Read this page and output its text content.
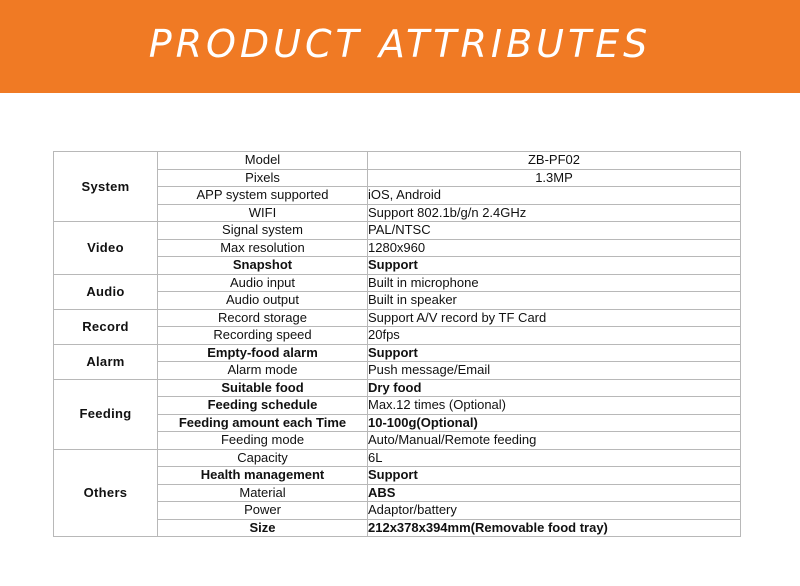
PRODUCT ATTRIBUTES
System	Model	ZB-PF02
	Pixels	1.3MP
	APP system supported	iOS, Android
	WIFI	Support 802.1b/g/n 2.4GHz
Video	Signal system	PAL/NTSC
	Max resolution	1280x960
	Snapshot	Support
Audio	Audio input	Built in microphone
	Audio output	Built in speaker
Record	Record storage	Support A/V record by TF Card
	Recording speed	20fps
Alarm	Empty-food alarm	Support
	Alarm mode	Push message/Email
Feeding	Suitable food	Dry food
	Feeding schedule	Max.12 times (Optional)
	Feeding amount each Time	10-100g(Optional)
	Feeding mode	Auto/Manual/Remote feeding
Others	Capacity	6L
	Health management	Support
	Material	ABS
	Power	Adaptor/battery
	Size	212x378x394mm(Removable food tray)
